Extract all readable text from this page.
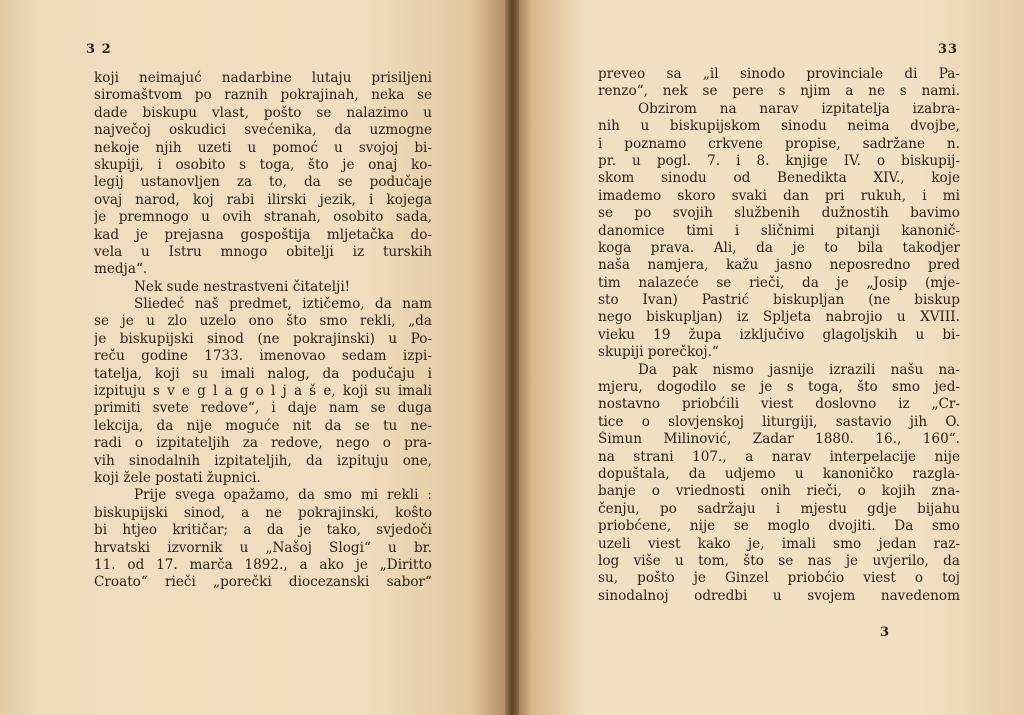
3 2
koji neimajuć nadarbine lutaju prisiljeni
siromaštvom po raznih pokrajinah, neka se
dade biskupu vlast, pošto se nalazimo u
največoj oskudici svećenika, da uzmogne
nekoje njih uzeti u pomoć u svojoj bi-
skupiji, i osobito s toga, što je onaj ko-
legij ustanovljen za to, da se podučaje
ovaj narod, koj rabi ilirski jezik, i kojega
je premnogo u ovih stranah, osobito sada,
kad je prejasna gospoštija mljetačka do-
vela u Istru mnogo obitelji iz turskih
medja“.
Nek sude nestrastveni čitatelji!
Sliedeć naš predmet, iztičemo, da nam
se je u zlo uzelo ono što smo rekli, „da
je biskupijski sinod (ne pokrajinski) u Po-
reču godine 1733. imenovao sedam izpi-
tatelja, koji su imali nalog, da podučaju i
izpituju s v e g l a g o l j a š e, koji su imali
primiti svete redove“, i daje nam se duga
lekcija, da nije moguće nit da se tu ne-
radi o izpitateljih za redove, nego o pra-
vih sinodalnih izpitateljih, da izpituju one,
koji žele postati župnici.
Prije svega opažamo, da smo mi rekli :
biskupijski sinod, a ne pokrajinski, koŝto
bi htjeo kritičar; a da je tako, svjedoči
hrvatski izvornik u „Našoj Slogi“ u br.
11. od 17. marča 1892., a ako je „Diritto
Croato“ rieči „porečki diocezanski sabor“
33
preveo sa „il sinodo provinciale di Pa-
renzo“, nek se pere s njim a ne s nami.
Obzirom na narav izpitatelja izabra-
nih u biskupijskom sinodu neima dvojbe,
i poznamo crkvene propise, sadržane n.
pr. u pogl. 7. i 8. knjige IV. o biskupij-
skom sinodu od Benedikta XIV., koje
imademo skoro svaki dan pri rukuh, i mi
se po svojih službenih dužnostih bavimo
danomice timi i sličnimi pitanji kanonič-
koga prava. Ali, da je to bila takodjer
naša namjera, kažu jasno neposredno pred
tim nalazeće se rieči, da je „Josip (mje-
sto Ivan) Pastrić biskupljan (ne biskup
nego biskupljan) iz Spljeta nabrojio u XVIII.
vieku 19 župa izključivo glagoljskih u bi-
skupiji porečkoj.“
Da pak nismo jasnije izrazili našu na-
mjeru, dogodilo se je s toga, što smo jed-
nostavno priobćili viest doslovno iz „Cr-
tice o slovjenskoj liturgiji, sastavio jih O.
Šimun Milinović, Zadar 1880. 16., 160“.
na strani 107., a narav interpelacije nije
dopuštala, da udjemo u kanoničko razgla-
banje o vriednosti onih rieči, o kojih zna-
čenju, po sadržaju i mjestu gdje bijahu
priobćene, nije se moglo dvojiti. Da smo
uzeli viest kako je, imali smo jedan raz-
log više u tom, što se nas je uvjerilo, da
su, pošto je Ginzel priobćio viest o toj
sinodalnoj odredbi u svojem navedenom
3
